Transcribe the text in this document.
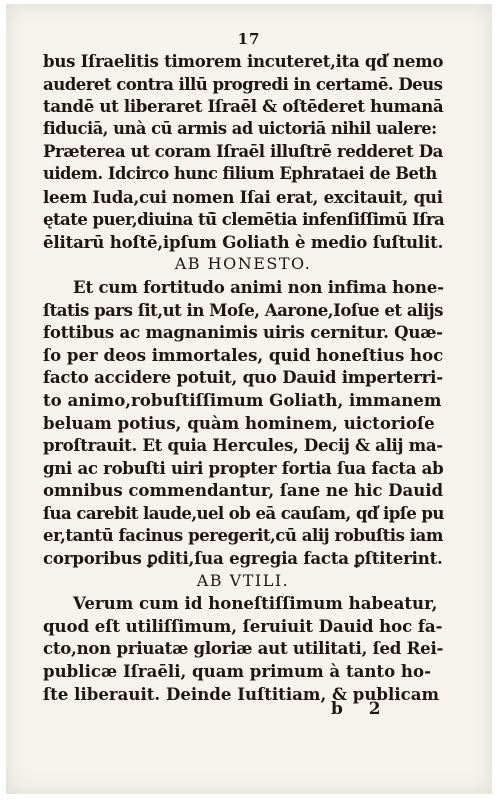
17
bus Iſraelitis timorem incuteret,ita qd̕ nemo
auderet contra illū progredi in certamē. Deus
tandē ut liberaret Iſraēl & oſtēderet humanā
fiduciā, unà cū armis ad uictoriā nihil ualere:
Præterea ut coram Iſraēl illuſtrē redderet Da
uidem. Idcirco hunc filium Ephrataei de Beth
leem Iuda,cui nomen Iſai erat, excitauit, qui
ętate puer,diuina tū̄ clemētia infenſiſſimū Iſra
ēlitarū hoſtē,ipſum Goliath è medio ſuſtulit.
AB HONESTO.
Et cum fortitudo animi non infima hone-
ſtatis pars ſit,ut in Moſe, Aarone,Ioſue et alijs
fottibus ac magnanimis uiris cernitur. Quæ-
ſo per deos immortales, quid honeſtius hoc
facto accidere potuit, quo Dauid imperterri-
to animo,robuſtiſſimum Goliath, immanem
beluam potius, quàm hominem, uictorioſe
proſtrauit. Et quia Hercules, Decij & alij ma-
gni ac robuſti uiri propter fortia ſua facta ab
omnibus commendantur, ſane ne hic Dauid
ſua carebit laude,uel ob eā cauſam, qd̕ ipſe pu
er,tantū facinus peregerit,cū alij robuſtis iam
corporibus ꝑditi,ſua egregia facta ꝑſtiterint.
AB VTILI.
Verum cum id honeſtiſſimum habeatur,
quod eſt utiliſſimum, ſeruiuit Dauid hoc fa-
cto,non priuatæ gloriæ aut utilitati, ſed Rei-
publicæ Iſraēli, quam primum à tanto ho-
ſte liberauit. Deinde Iuſtitiam, & publicam
b 2
